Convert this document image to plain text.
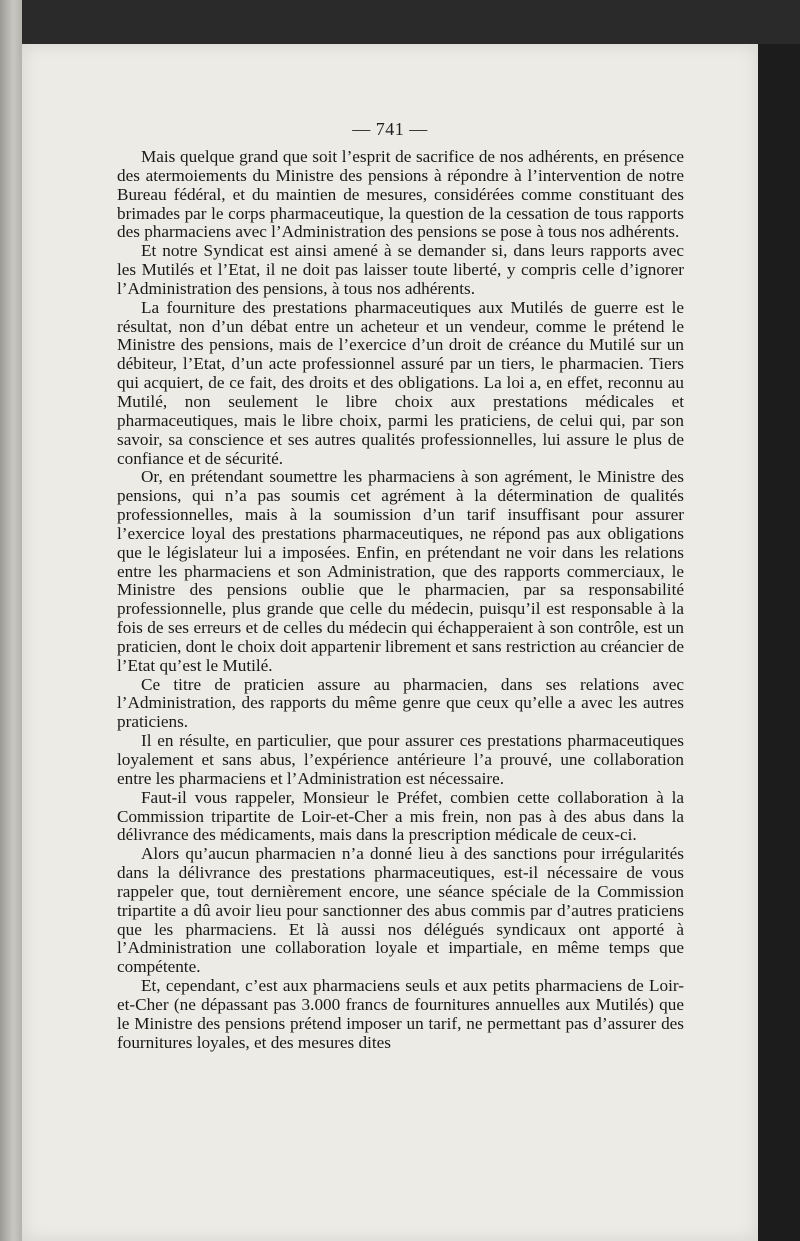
— 741 —

Mais quelque grand que soit l’esprit de sacrifice de nos adhérents, en présence des atermoiements du Ministre des pensions à répondre à l’intervention de notre Bureau fédéral, et du maintien de mesures, considérées comme constituant des brimades par le corps pharmaceutique, la question de la cessation de tous rapports des pharmaciens avec l’Administration des pensions se pose à tous nos adhérents.

Et notre Syndicat est ainsi amené à se demander si, dans leurs rapports avec les Mutilés et l’Etat, il ne doit pas laisser toute liberté, y compris celle d’ignorer l’Administration des pensions, à tous nos adhérents.

La fourniture des prestations pharmaceutiques aux Mutilés de guerre est le résultat, non d’un débat entre un acheteur et un vendeur, comme le prétend le Ministre des pensions, mais de l’exercice d’un droit de créance du Mutilé sur un débiteur, l’Etat, d’un acte professionnel assuré par un tiers, le pharmacien. Tiers qui acquiert, de ce fait, des droits et des obligations. La loi a, en effet, reconnu au Mutilé, non seulement le libre choix aux prestations médicales et pharmaceutiques, mais le libre choix, parmi les praticiens, de celui qui, par son savoir, sa conscience et ses autres qualités professionnelles, lui assure le plus de confiance et de sécurité.

Or, en prétendant soumettre les pharmaciens à son agrément, le Ministre des pensions, qui n’a pas soumis cet agrément à la détermination de qualités professionnelles, mais à la soumission d’un tarif insuffisant pour assurer l’exercice loyal des prestations pharmaceutiques, ne répond pas aux obligations que le législateur lui a imposées. Enfin, en prétendant ne voir dans les relations entre les pharmaciens et son Administration, que des rapports commerciaux, le Ministre des pensions oublie que le pharmacien, par sa responsabilité professionnelle, plus grande que celle du médecin, puisqu’il est responsable à la fois de ses erreurs et de celles du médecin qui échapperaient à son contrôle, est un praticien, dont le choix doit appartenir librement et sans restriction au créancier de l’Etat qu’est le Mutilé.

Ce titre de praticien assure au pharmacien, dans ses relations avec l’Administration, des rapports du même genre que ceux qu’elle a avec les autres praticiens.

Il en résulte, en particulier, que pour assurer ces prestations pharmaceutiques loyalement et sans abus, l’expérience antérieure l’a prouvé, une collaboration entre les pharmaciens et l’Administration est nécessaire.

Faut-il vous rappeler, Monsieur le Préfet, combien cette collaboration à la Commission tripartite de Loir-et-Cher a mis frein, non pas à des abus dans la délivrance des médicaments, mais dans la prescription médicale de ceux-ci.

Alors qu’aucun pharmacien n’a donné lieu à des sanctions pour irrégularités dans la délivrance des prestations pharmaceutiques, est-il nécessaire de vous rappeler que, tout dernièrement encore, une séance spéciale de la Commission tripartite a dû avoir lieu pour sanctionner des abus commis par d’autres praticiens que les pharmaciens. Et là aussi nos délégués syndicaux ont apporté à l’Administration une collaboration loyale et impartiale, en même temps que compétente.

Et, cependant, c’est aux pharmaciens seuls et aux petits pharmaciens de Loir-et-Cher (ne dépassant pas 3.000 francs de fournitures annuelles aux Mutilés) que le Ministre des pensions prétend imposer un tarif, ne permettant pas d’assurer des fournitures loyales, et des mesures dites
